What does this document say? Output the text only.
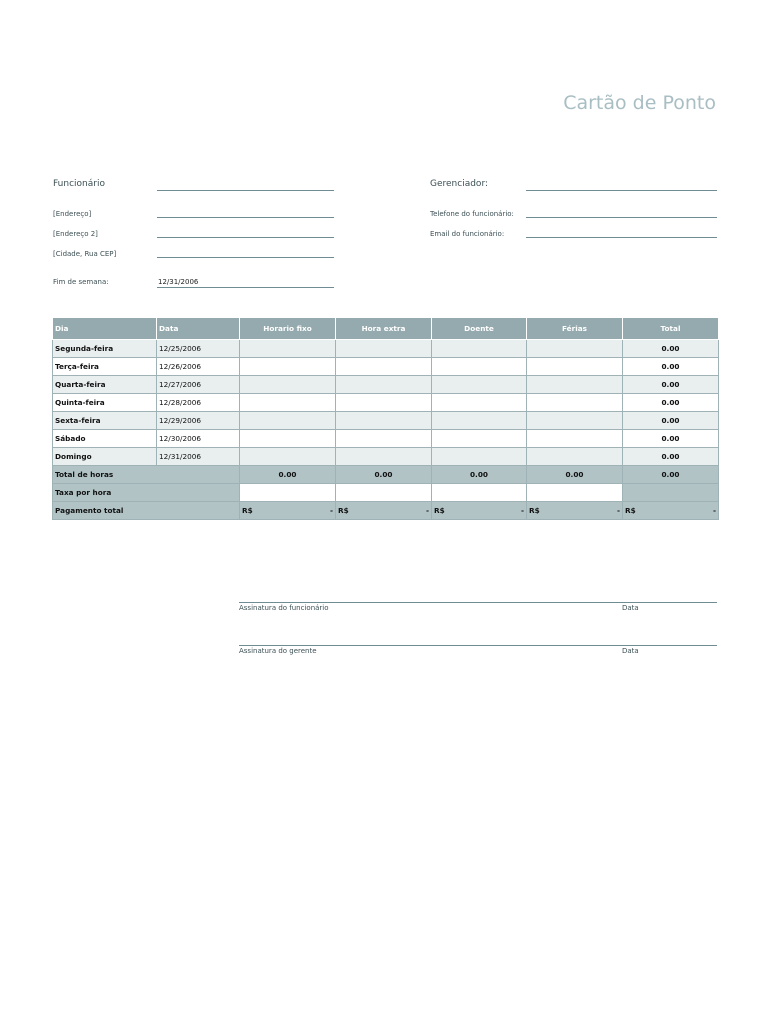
Cartão de Ponto
Funcionário	Gerenciador:
[Endereço]	Telefone do funcionário:
[Endereço 2]	Email do funcionário:
[Cidade, Rua CEP]
Fim de semana:	12/31/2006
Dia	Data	Horario fixo	Hora extra	Doente	Férias	Total
Segunda-feira	12/25/2006					0.00
Terça-feira	12/26/2006					0.00
Quarta-feira	12/27/2006					0.00
Quinta-feira	12/28/2006					0.00
Sexta-feira	12/29/2006					0.00
Sábado	12/30/2006					0.00
Domingo	12/31/2006					0.00
Total de horas		0.00	0.00	0.00	0.00	0.00
Taxa por hora						
Pagamento total		R$ -	R$ -	R$ -	R$ -	R$ -
Assinatura do funcionário	Data
Assinatura do gerente	Data
